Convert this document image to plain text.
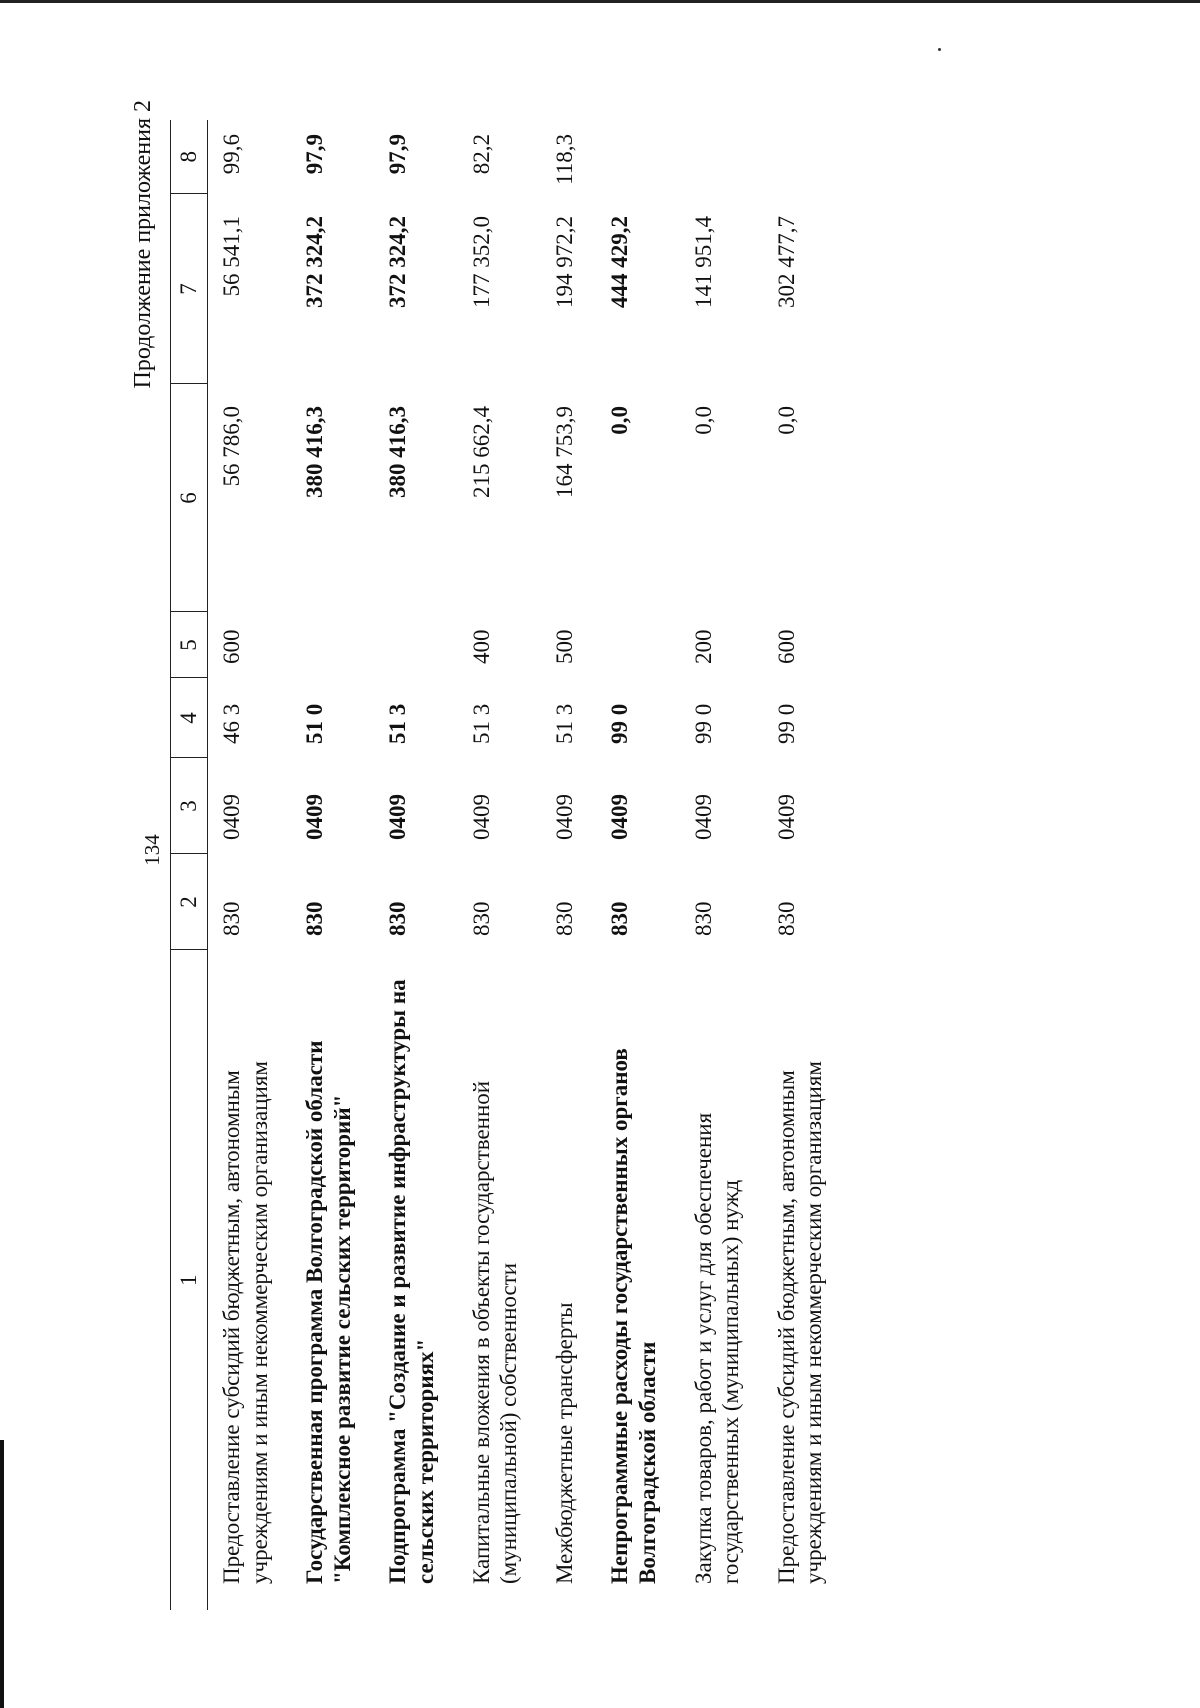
134
Продолжение приложения 2
1	2	3	4	5	6	7	8
Предоставление субсидий бюджетным, автономным учреждениям и иным некоммерческим организациям	830	0409	46 3	600	56 786,0	56 541,1	99,6
Государственная программа Волгоградской области "Комплексное развитие сельских территорий"	830	0409	51 0		380 416,3	372 324,2	97,9
Подпрограмма "Создание и развитие инфраструктуры на сельских территориях"	830	0409	51 3		380 416,3	372 324,2	97,9
Капитальные вложения в объекты государственной (муниципальной) собственности	830	0409	51 3	400	215 662,4	177 352,0	82,2
Межбюджетные трансферты	830	0409	51 3	500	164 753,9	194 972,2	118,3
Непрограммные расходы государственных органов Волгоградской области	830	0409	99 0		0,0	444 429,2	
Закупка товаров, работ и услуг для обеспечения государственных (муниципальных) нужд	830	0409	99 0	200	0,0	141 951,4	
Предоставление субсидий бюджетным, автономным учреждениям и иным некоммерческим организациям	830	0409	99 0	600	0,0	302 477,7	
